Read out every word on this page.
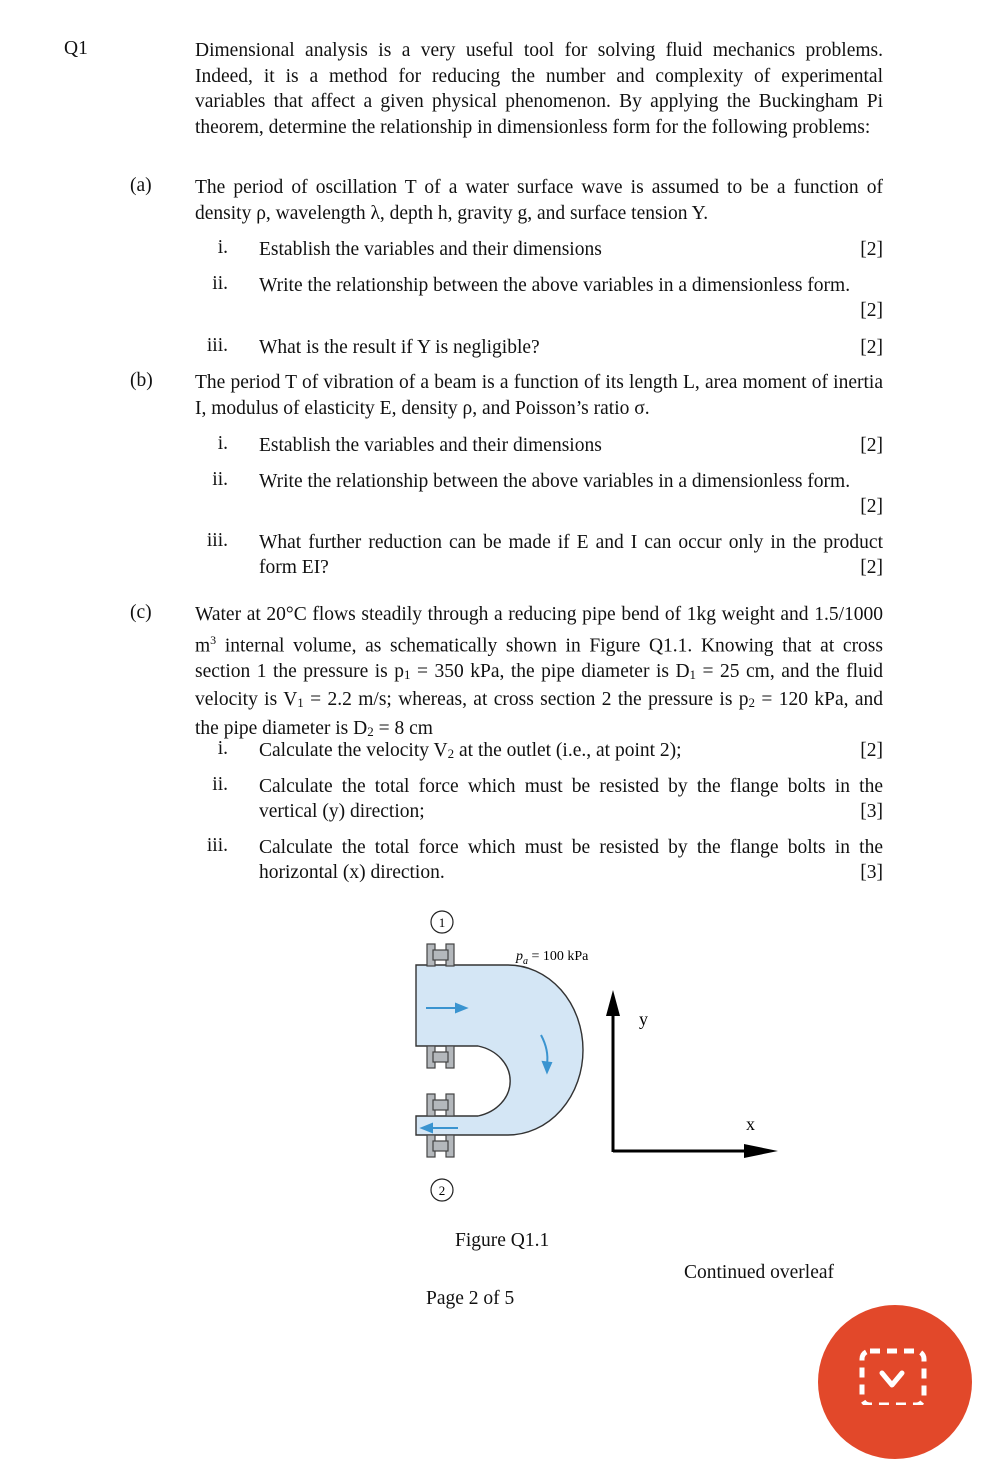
Q1	Dimensional analysis is a very useful tool for solving fluid mechanics problems. Indeed, it is a method for reducing the number and complexity of experimental variables that affect a given physical phenomenon. By applying the Buckingham Pi theorem, determine the relationship in dimensionless form for the following problems:
(a) The period of oscillation T of a water surface wave is assumed to be a function of density ρ, wavelength λ, depth h, gravity g, and surface tension Y.
i.	[2]
Establish the variables and their dimensions
ii. Write the relationship between the above variables in a dimensionless form.
[2]
iii.	[2]
What is the result if Y is negligible?
(b) The period T of vibration of a beam is a function of its length L, area moment of inertia I, modulus of elasticity E, density ρ, and Poisson’s ratio σ.
i.	[2]
Establish the variables and their dimensions
ii. Write the relationship between the above variables in a dimensionless form.
[2]
iii. What further reduction can be made if E and I can occur only in the product form EI?	[2]
(c) Water at 20°C flows steadily through a reducing pipe bend of 1kg weight and 1.5/1000 $m^3$ internal volume, as schematically shown in Figure Q1.1. Knowing that at cross section 1 the pressure is p1 = 350 kPa, the pipe diameter is D1 = 25 cm, and the fluid velocity is V1 = 2.2 m/s; whereas, at cross section 2 the pressure is p2 = 120 kPa, and the pipe diameter is D2 = 8 cm
i.	[2]
Calculate the velocity V2 at the outlet (i.e., at point 2);
ii. Calculate the total force which must be resisted by the flange bolts in the vertical (y) direction;	[3]
iii. Calculate the total force which must be resisted by the flange bolts in the horizontal (x) direction.	[3]
1
2
$p_a = 100$ kPa
y
x
Figure Q1.1
Continued overleaf
Page 2 of 5
